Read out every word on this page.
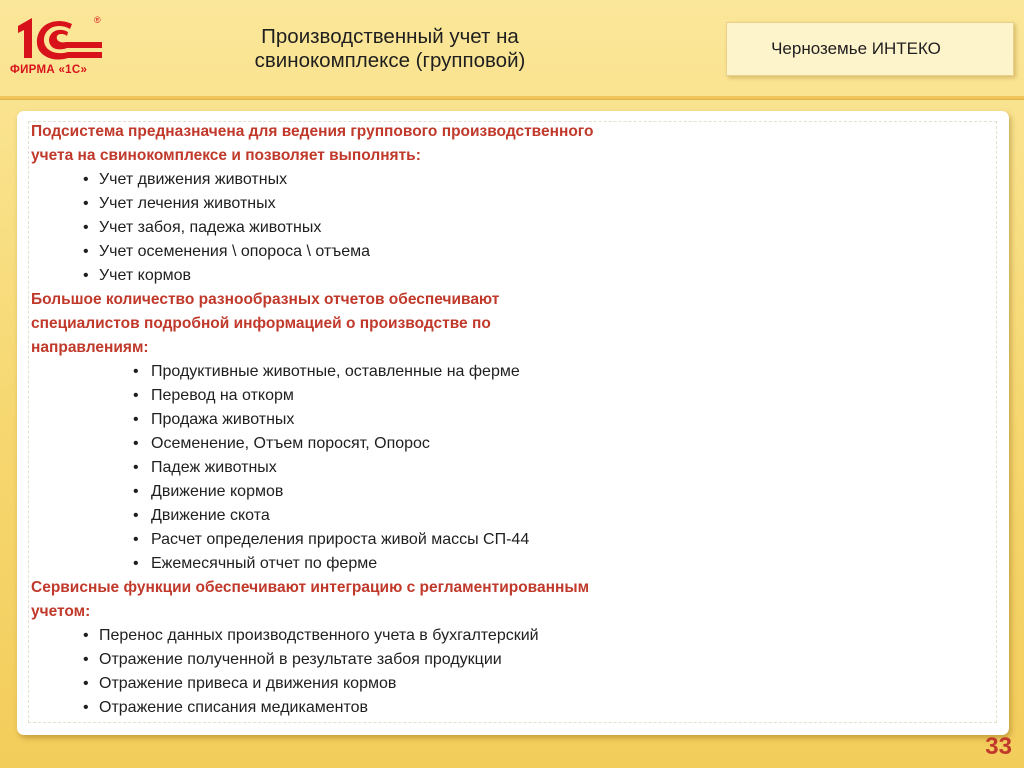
®
ФИРМА «1С»
Производственный учет на
свинокомплексе (групповой)
Черноземье ИНТЕКО
Подсистема предназначена для ведения группового производственного
учета на свинокомплексе и позволяет выполнять:
• Учет движения животных
• Учет лечения животных
• Учет забоя, падежа животных
• Учет осеменения \ опороса \ отъема
• Учет кормов
Большое количество разнообразных отчетов обеспечивают
специалистов подробной информацией о производстве по
направлениям:
• Продуктивные животные, оставленные на ферме
• Перевод на откорм
• Продажа животных
• Осеменение, Отъем поросят, Опорос
• Падеж животных
• Движение кормов
• Движение скота
• Расчет определения прироста живой массы СП-44
• Ежемесячный отчет по ферме
Сервисные функции обеспечивают интеграцию с регламентированным
учетом:
• Перенос данных производственного учета в бухгалтерский
• Отражение полученной в результате забоя продукции
• Отражение привеса и движения кормов
• Отражение списания медикаментов
33
